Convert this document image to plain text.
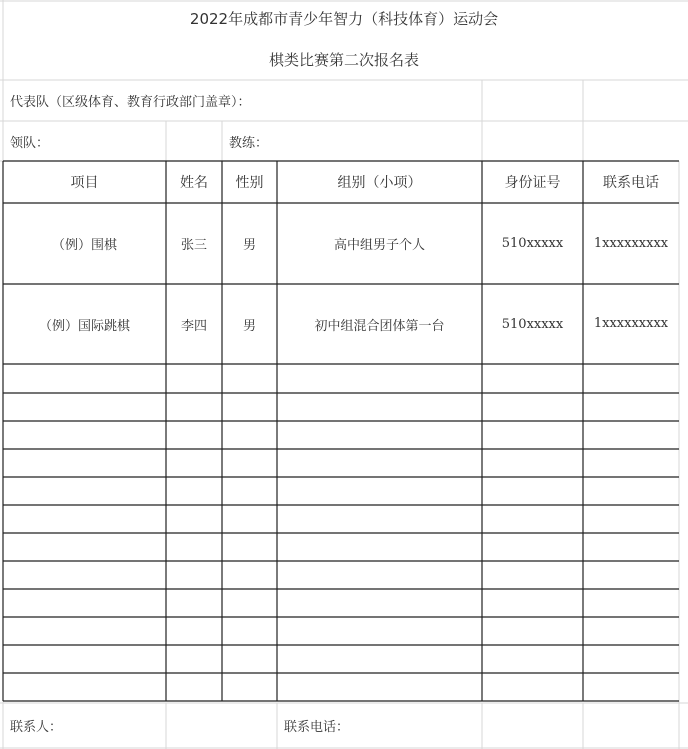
2022年成都市青少年智力（科技体育）运动会
棋类比赛第二次报名表
代表队（区级体育、教育行政部门盖章）：
领队：	教练：
项目	姓名	性别	组别（小项）	身份证号	联系电话
（例）围棋	张三	男	高中组男子个人	510xxxxx	1xxxxxxxxx
（例）国际跳棋	李四	男	初中组混合团体第一台	510xxxxx	1xxxxxxxxx
联系人：	联系电话：
